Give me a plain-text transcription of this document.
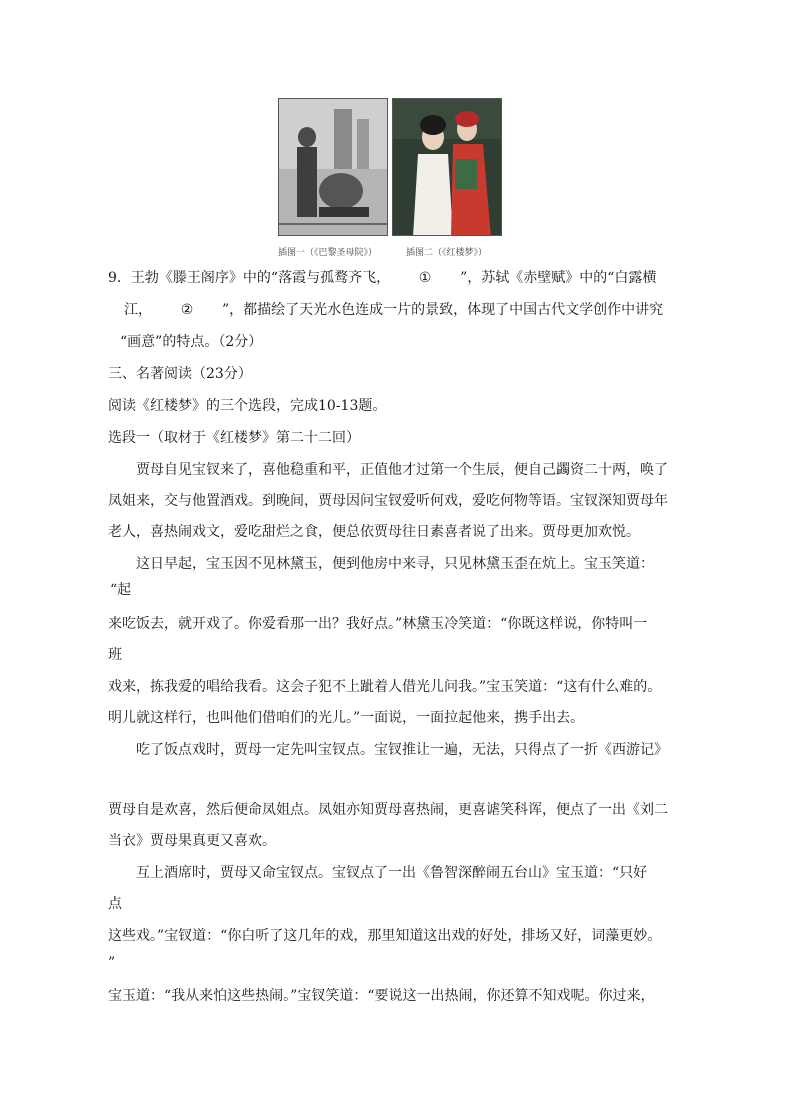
插图一（《巴黎圣母院》）	插图二（《红楼梦》）
9．王勃《滕王阁序》中的“落霞与孤鹜齐飞， ① ”，苏轼《赤壁赋》中的“白露横
江， ② ”，都描绘了天光水色连成一片的景致，体现了中国古代文学创作中讲究
“画意”的特点。（2分）
三、名著阅读（23分）
阅读《红楼梦》的三个选段，完成10-13题。
选段一（取材于《红楼梦》第二十二回）
贾母自见宝钗来了，喜他稳重和平，正值他才过第一个生辰，便自己蠲资二十两，唤了
凤姐来，交与他置酒戏。到晚间，贾母因问宝钗爱听何戏，爱吃何物等语。宝钗深知贾母年
老人，喜热闹戏文，爱吃甜烂之食，便总依贾母往日素喜者说了出来。贾母更加欢悦。
这日早起，宝玉因不见林黛玉，便到他房中来寻，只见林黛玉歪在炕上。宝玉笑道：
“起
来吃饭去，就开戏了。你爱看那一出？我好点。”林黛玉冷笑道：“你既这样说，你特叫一
班
戏来，拣我爱的唱给我看。这会子犯不上跐着人借光儿问我。”宝玉笑道：“这有什么难的。
明儿就这样行，也叫他们借咱们的光儿。”一面说，一面拉起他来，携手出去。
吃了饭点戏时，贾母一定先叫宝钗点。宝钗推让一遍，无法，只得点了一折《西游记》
贾母自是欢喜，然后便命凤姐点。凤姐亦知贾母喜热闹，更喜谑笑科诨，便点了一出《刘二
当衣》贾母果真更又喜欢。
互上酒席时，贾母又命宝钗点。宝钗点了一出《鲁智深醉闹五台山》宝玉道：“只好
点
这些戏。”宝钗道：“你白听了这几年的戏，那里知道这出戏的好处，排场又好，词藻更妙。
”
宝玉道：“我从来怕这些热闹。”宝钗笑道：“要说这一出热闹，你还算不知戏呢。你过来，
